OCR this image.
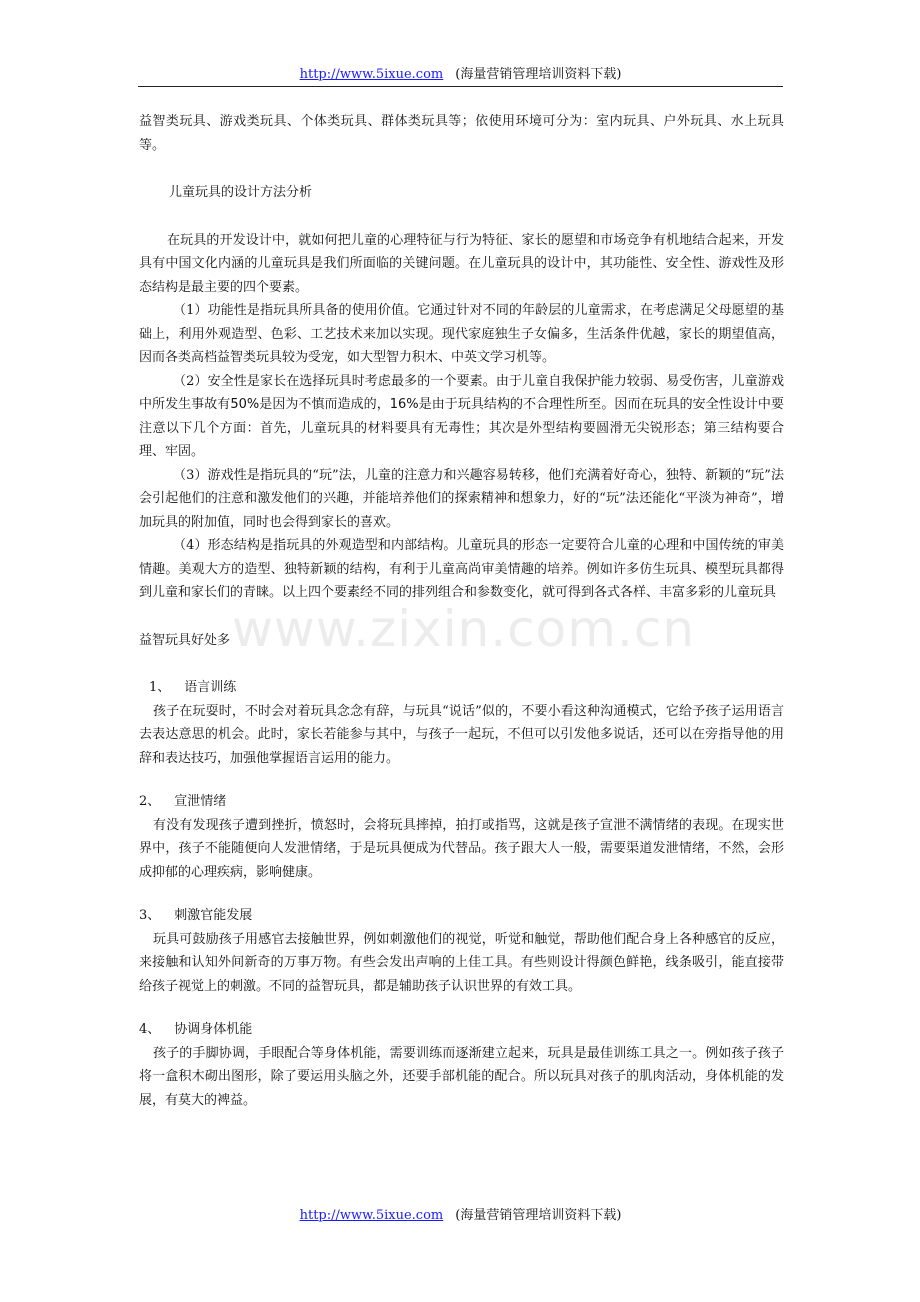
http://www.5ixue.com (海量营销管理培训资料下载)
www.zixin.com.cn

益智类玩具、游戏类玩具、个体类玩具、群体类玩具等；依使用环境可分为：室内玩具、户外玩具、水上玩具等。

儿童玩具的设计方法分析

在玩具的开发设计中，就如何把儿童的心理特征与行为特征、家长的愿望和市场竞争有机地结合起来，开发具有中国文化内涵的儿童玩具是我们所面临的关键问题。在儿童玩具的设计中，其功能性、安全性、游戏性及形态结构是最主要的四个要素。

（1）功能性是指玩具所具备的使用价值。它通过针对不同的年龄层的儿童需求，在考虑满足父母愿望的基础上，利用外观造型、色彩、工艺技术来加以实现。现代家庭独生子女偏多，生活条件优越，家长的期望值高，因而各类高档益智类玩具较为受宠，如大型智力积木、中英文学习机等。

（2）安全性是家长在选择玩具时考虑最多的一个要素。由于儿童自我保护能力较弱、易受伤害，儿童游戏中所发生事故有50%是因为不慎而造成的，16%是由于玩具结构的不合理性所至。因而在玩具的安全性设计中要注意以下几个方面：首先，儿童玩具的材料要具有无毒性；其次是外型结构要圆滑无尖锐形态；第三结构要合理、牢固。

（3）游戏性是指玩具的“玩”法，儿童的注意力和兴趣容易转移，他们充满着好奇心，独特、新颖的“玩”法会引起他们的注意和激发他们的兴趣，并能培养他们的探索精神和想象力，好的“玩”法还能化“平淡为神奇”，增加玩具的附加值，同时也会得到家长的喜欢。

（4）形态结构是指玩具的外观造型和内部结构。儿童玩具的形态一定要符合儿童的心理和中国传统的审美情趣。美观大方的造型、独特新颖的结构，有利于儿童高尚审美情趣的培养。例如许多仿生玩具、模型玩具都得到儿童和家长们的青睐。以上四个要素经不同的排列组合和参数变化，就可得到各式各样、丰富多彩的儿童玩具

益智玩具好处多

1、 语言训练

孩子在玩耍时，不时会对着玩具念念有辞，与玩具“说话”似的，不要小看这种沟通模式，它给予孩子运用语言去表达意思的机会。此时，家长若能参与其中，与孩子一起玩，不但可以引发他多说话，还可以在旁指导他的用辞和表达技巧，加强他掌握语言运用的能力。

2、 宣泄情绪

有没有发现孩子遭到挫折，愤怒时，会将玩具摔掉，拍打或指骂，这就是孩子宣泄不满情绪的表现。在现实世界中，孩子不能随便向人发泄情绪，于是玩具便成为代替品。孩子跟大人一般，需要渠道发泄情绪，不然，会形成抑郁的心理疾病，影响健康。

3、 刺激官能发展

玩具可鼓励孩子用感官去接触世界，例如刺激他们的视觉，听觉和触觉，帮助他们配合身上各种感官的反应，来接触和认知外间新奇的万事万物。有些会发出声响的上佳工具。有些则设计得颜色鲜艳，线条吸引，能直接带给孩子视觉上的刺激。不同的益智玩具，都是辅助孩子认识世界的有效工具。

4、 协调身体机能

孩子的手脚协调，手眼配合等身体机能，需要训练而逐渐建立起来，玩具是最佳训练工具之一。例如孩子孩子将一盒积木砌出图形，除了要运用头脑之外，还要手部机能的配合。所以玩具对孩子的肌肉活动，身体机能的发展，有莫大的裨益。

http://www.5ixue.com (海量营销管理培训资料下载)
